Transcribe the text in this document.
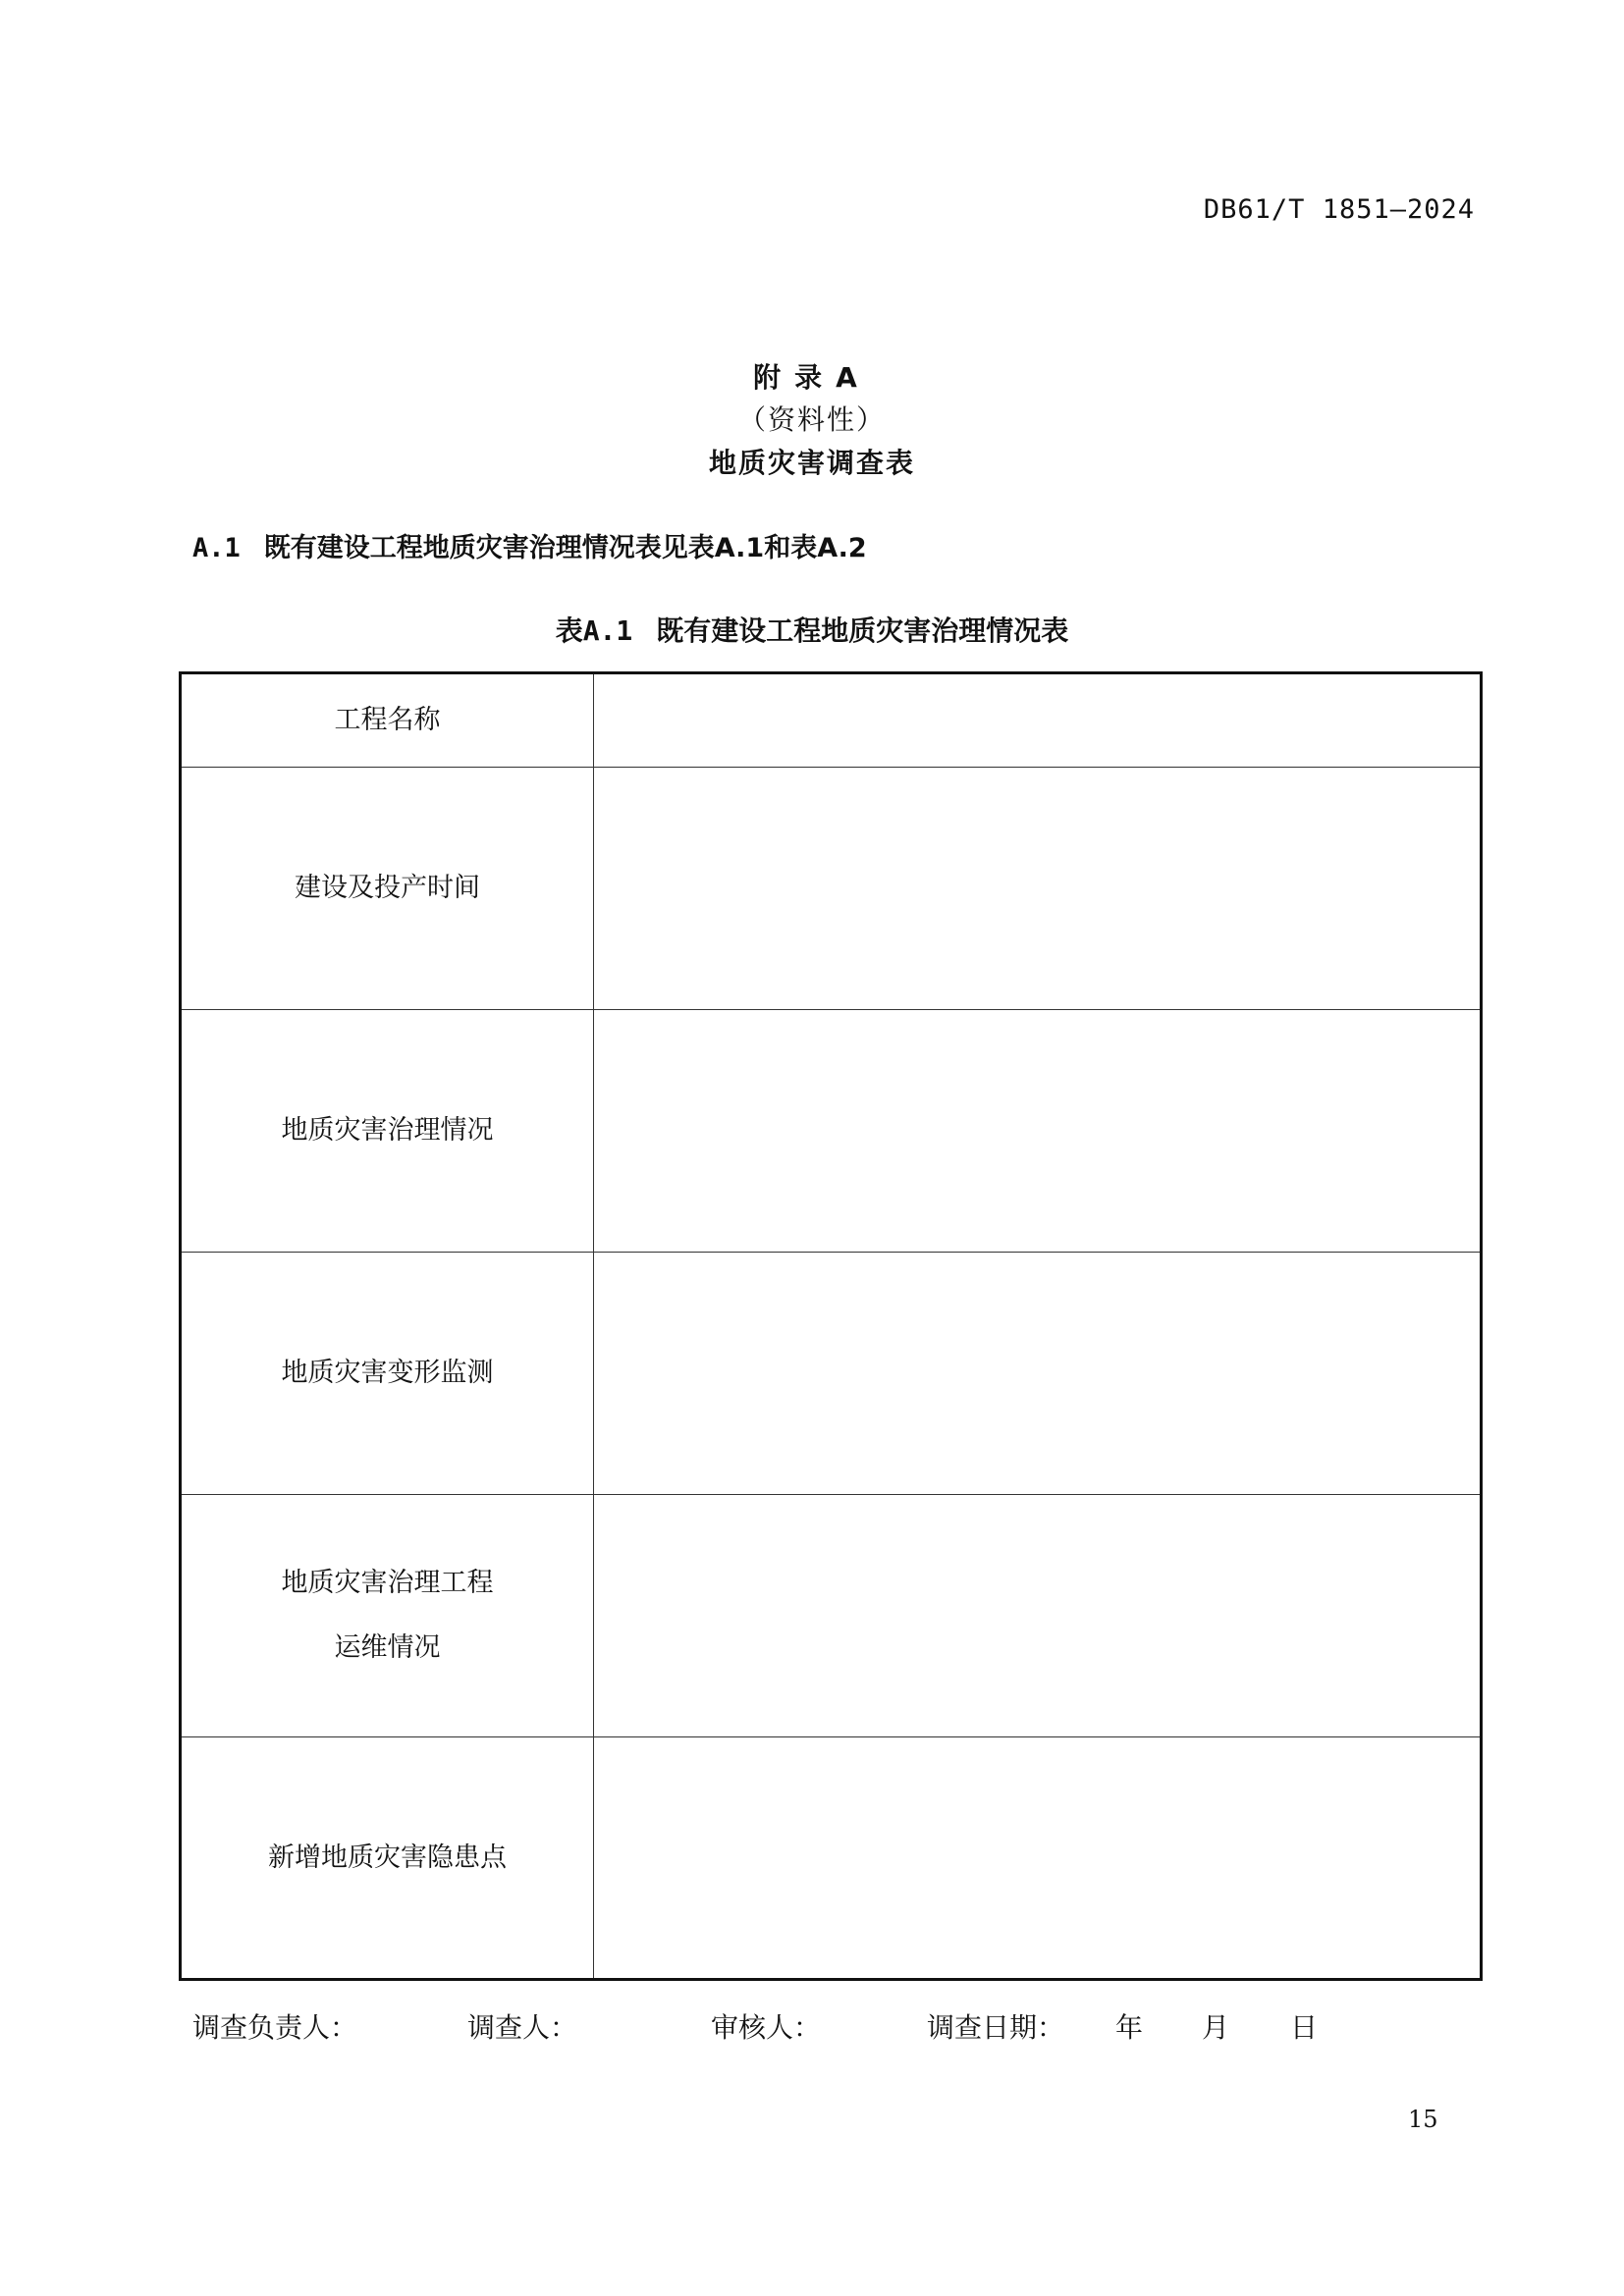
DB61/T 1851—2024
附录A
（资料性）
地质灾害调查表
A.1 既有建设工程地质灾害治理情况表见表A.1和表A.2
表A.1 既有建设工程地质灾害治理情况表
工程名称	

建设及投产时间	

地质灾害治理情况	

地质灾害变形监测	

地质灾害治理工程
运维情况	

新增地质灾害隐患点	

调查负责人：	调查人：	审核人：	调查日期： 年 月 日
15
